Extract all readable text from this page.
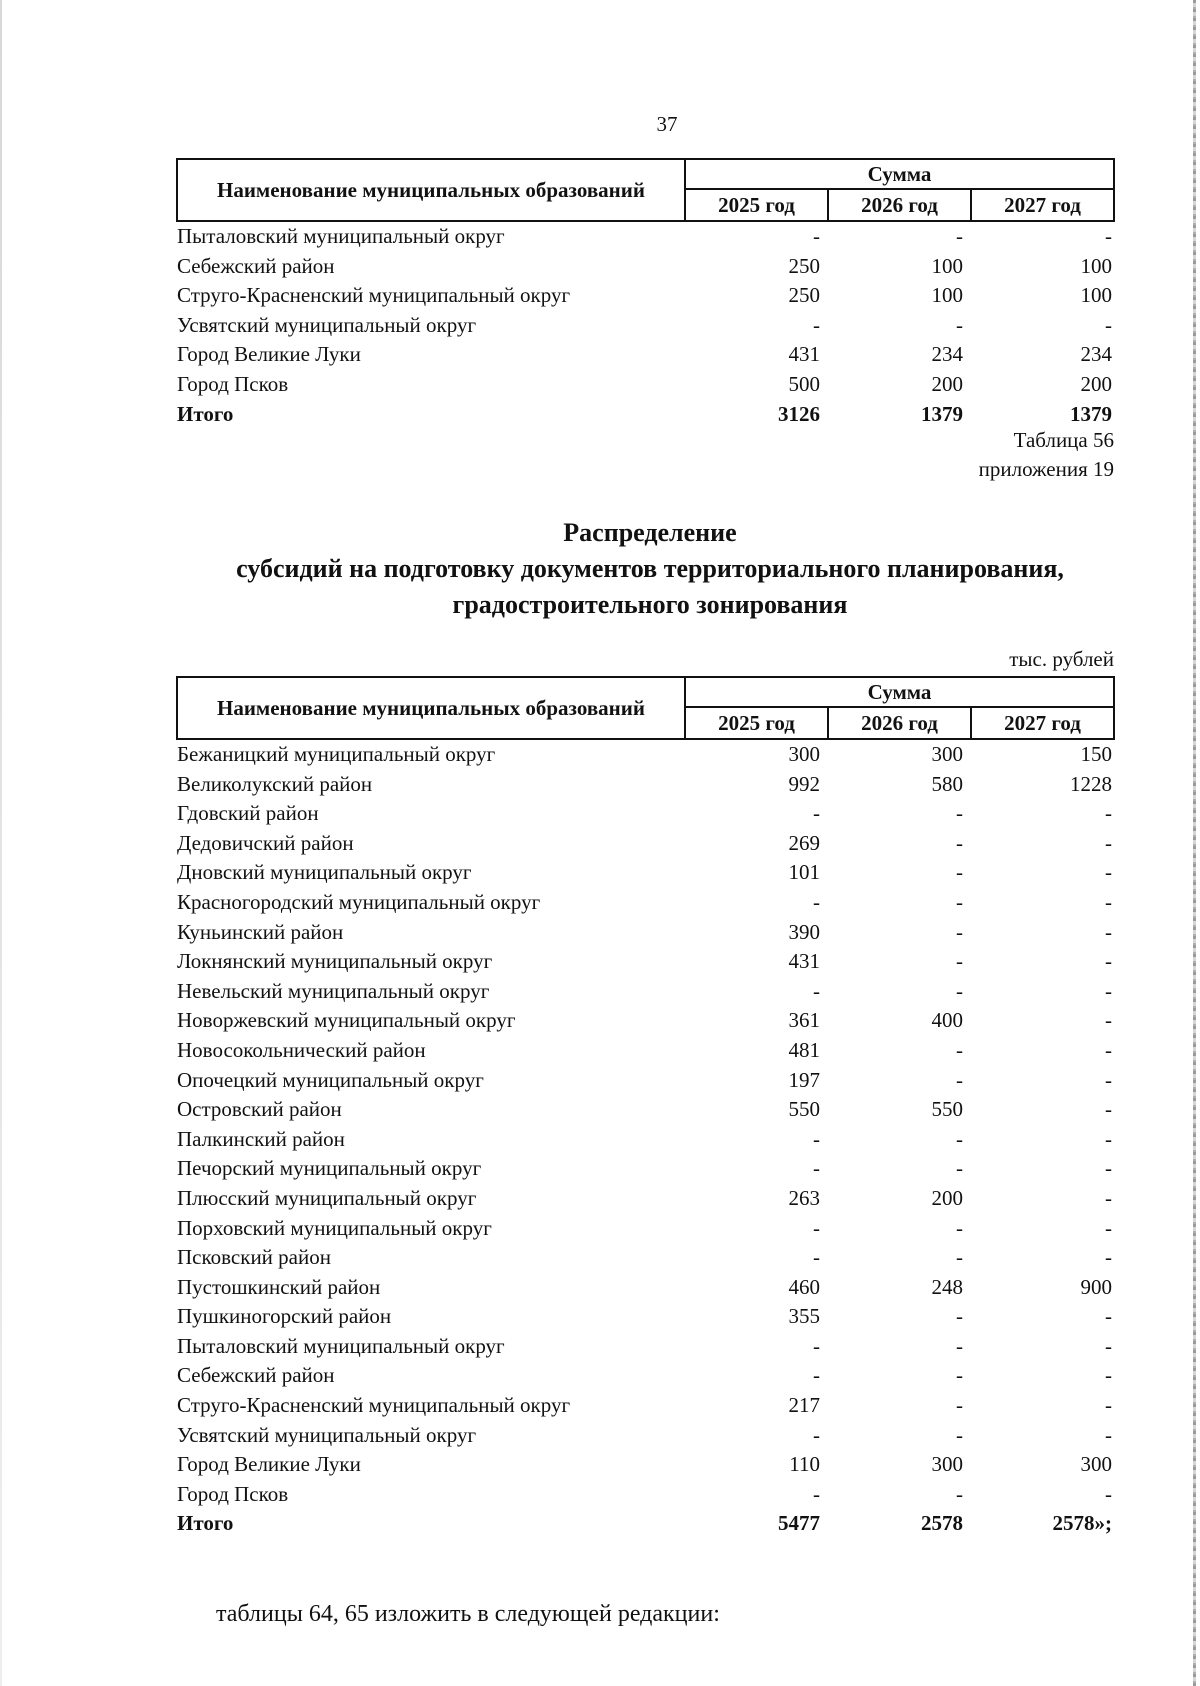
37
Наименование муниципальных образований	Сумма		
	2025 год	2026 год	2027 год
Пыталовский муниципальный округ	-	-	-
Себежский район	250	100	100
Струго-Красненский муниципальный округ	250	100	100
Усвятский муниципальный округ	-	-	-
Город Великие Луки	431	234	234
Город Псков	500	200	200
Итого	3126	1379	1379
Таблица 56
приложения 19
Распределение
субсидий на подготовку документов территориального планирования,
градостроительного зонирования
тыс. рублей
Наименование муниципальных образований	Сумма		
	2025 год	2026 год	2027 год
Бежаницкий муниципальный округ	300	300	150
Великолукский район	992	580	1228
Гдовский район	-	-	-
Дедовичский район	269	-	-
Дновский муниципальный округ	101	-	-
Красногородский муниципальный округ	-	-	-
Куньинский район	390	-	-
Локнянский муниципальный округ	431	-	-
Невельский муниципальный округ	-	-	-
Новоржевский муниципальный округ	361	400	-
Новосокольнический район	481	-	-
Опочецкий муниципальный округ	197	-	-
Островский район	550	550	-
Палкинский район	-	-	-
Печорский муниципальный округ	-	-	-
Плюсский муниципальный округ	263	200	-
Порховский муниципальный округ	-	-	-
Псковский район	-	-	-
Пустошкинский район	460	248	900
Пушкиногорский район	355	-	-
Пыталовский муниципальный округ	-	-	-
Себежский район	-	-	-
Струго-Красненский муниципальный округ	217	-	-
Усвятский муниципальный округ	-	-	-
Город Великие Луки	110	300	300
Город Псков	-	-	-
Итого	5477	2578	2578»;
таблицы 64, 65 изложить в следующей редакции:
